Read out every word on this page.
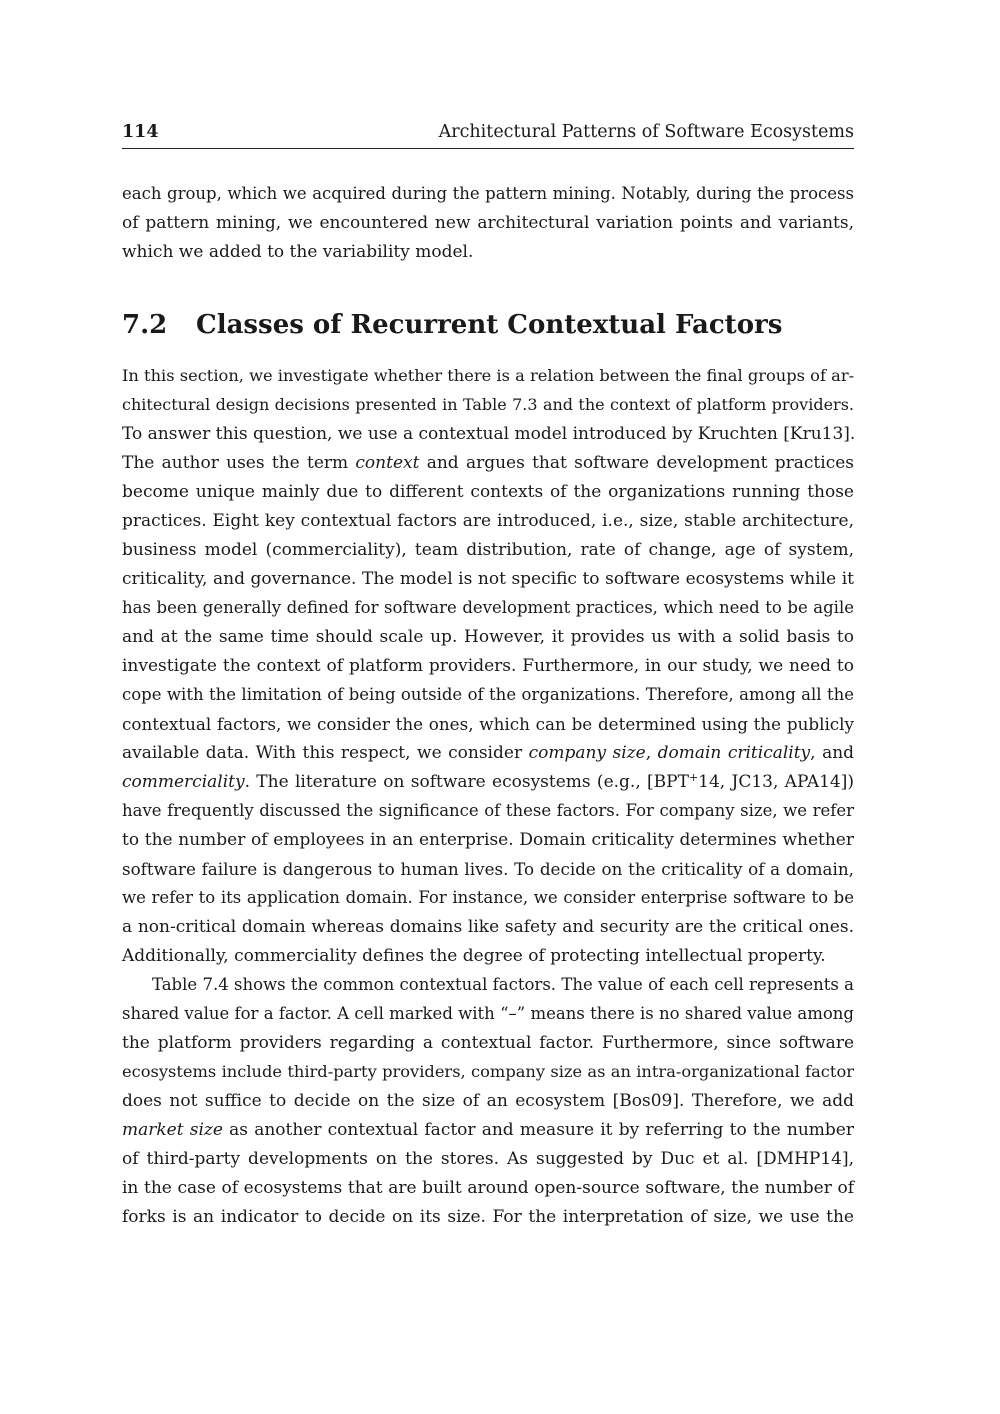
114	Architectural Patterns of Software Ecosystems
each group, which we acquired during the pattern mining. Notably, during the process
of pattern mining, we encountered new architectural variation points and variants,
which we added to the variability model.
7.2 Classes of Recurrent Contextual Factors
In this section, we investigate whether there is a relation between the final groups of ar-
chitectural design decisions presented in Table 7.3 and the context of platform providers.
To answer this question, we use a contextual model introduced by Kruchten [Kru13].
The author uses the term context and argues that software development practices
become unique mainly due to different contexts of the organizations running those
practices. Eight key contextual factors are introduced, i.e., size, stable architecture,
business model (commerciality), team distribution, rate of change, age of system,
criticality, and governance. The model is not specific to software ecosystems while it
has been generally defined for software development practices, which need to be agile
and at the same time should scale up. However, it provides us with a solid basis to
investigate the context of platform providers. Furthermore, in our study, we need to
cope with the limitation of being outside of the organizations. Therefore, among all the
contextual factors, we consider the ones, which can be determined using the publicly
available data. With this respect, we consider company size, domain criticality, and
commerciality. The literature on software ecosystems (e.g., [BPT+14, JC13, APA14])
have frequently discussed the significance of these factors. For company size, we refer
to the number of employees in an enterprise. Domain criticality determines whether
software failure is dangerous to human lives. To decide on the criticality of a domain,
we refer to its application domain. For instance, we consider enterprise software to be
a non-critical domain whereas domains like safety and security are the critical ones.
Additionally, commerciality defines the degree of protecting intellectual property.
Table 7.4 shows the common contextual factors. The value of each cell represents a
shared value for a factor. A cell marked with “–” means there is no shared value among
the platform providers regarding a contextual factor. Furthermore, since software
ecosystems include third-party providers, company size as an intra-organizational factor
does not suffice to decide on the size of an ecosystem [Bos09]. Therefore, we add
market size as another contextual factor and measure it by referring to the number
of third-party developments on the stores. As suggested by Duc et al. [DMHP14],
in the case of ecosystems that are built around open-source software, the number of
forks is an indicator to decide on its size. For the interpretation of size, we use the
